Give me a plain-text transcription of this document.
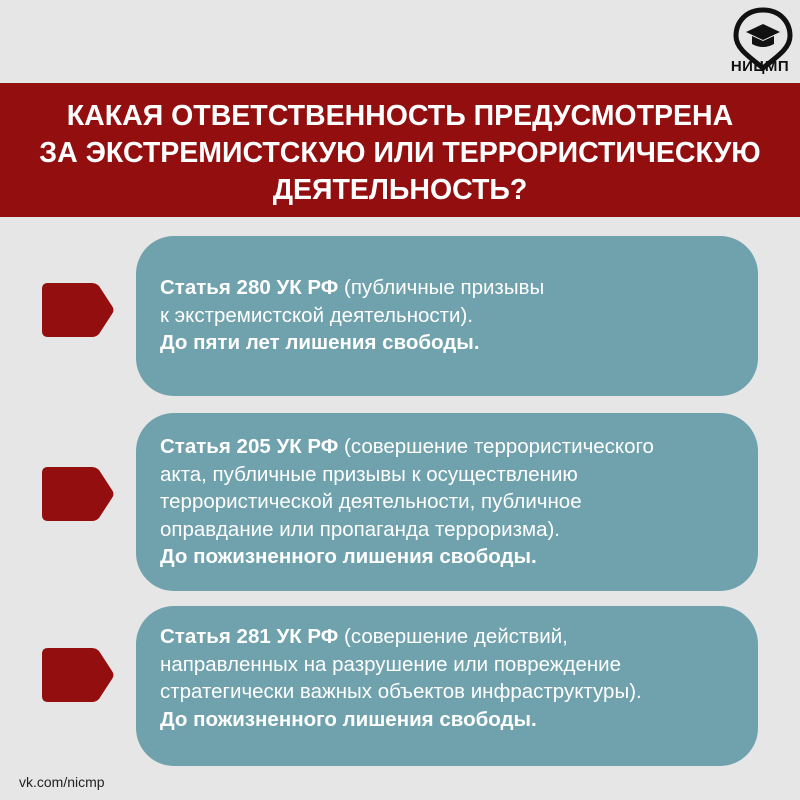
НИЦМП
КАКАЯ ОТВЕТСТВЕННОСТЬ ПРЕДУСМОТРЕНА
ЗА ЭКСТРЕМИСТСКУЮ ИЛИ ТЕРРОРИСТИЧЕСКУЮ
ДЕЯТЕЛЬНОСТЬ?
Статья 280 УК РФ (публичные призывы
к экстремистской деятельности).
До пяти лет лишения свободы.
Статья 205 УК РФ (совершение террористического
акта, публичные призывы к осуществлению
террористической деятельности, публичное
оправдание или пропаганда терроризма).
До пожизненного лишения свободы.
Статья 281 УК РФ (совершение действий,
направленных на разрушение или повреждение
стратегически важных объектов инфраструктуры).
До пожизненного лишения свободы.
vk.com/nicmp
